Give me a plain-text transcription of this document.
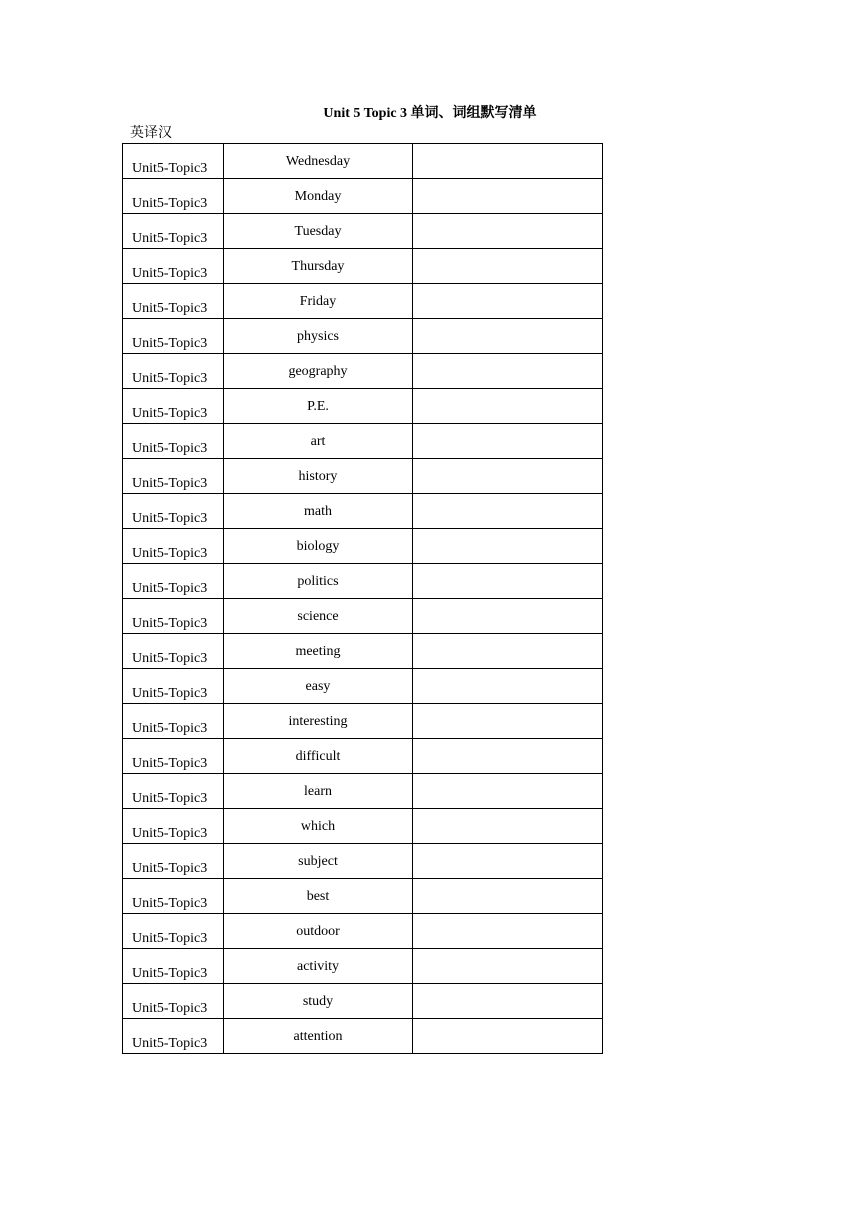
Unit 5 Topic 3 单词、词组默写清单
英译汉
Unit5-Topic3	Wednesday	
Unit5-Topic3	Monday	
Unit5-Topic3	Tuesday	
Unit5-Topic3	Thursday	
Unit5-Topic3	Friday	
Unit5-Topic3	physics	
Unit5-Topic3	geography	
Unit5-Topic3	P.E.	
Unit5-Topic3	art	
Unit5-Topic3	history	
Unit5-Topic3	math	
Unit5-Topic3	biology	
Unit5-Topic3	politics	
Unit5-Topic3	science	
Unit5-Topic3	meeting	
Unit5-Topic3	easy	
Unit5-Topic3	interesting	
Unit5-Topic3	difficult	
Unit5-Topic3	learn	
Unit5-Topic3	which	
Unit5-Topic3	subject	
Unit5-Topic3	best	
Unit5-Topic3	outdoor	
Unit5-Topic3	activity	
Unit5-Topic3	study	
Unit5-Topic3	attention	
